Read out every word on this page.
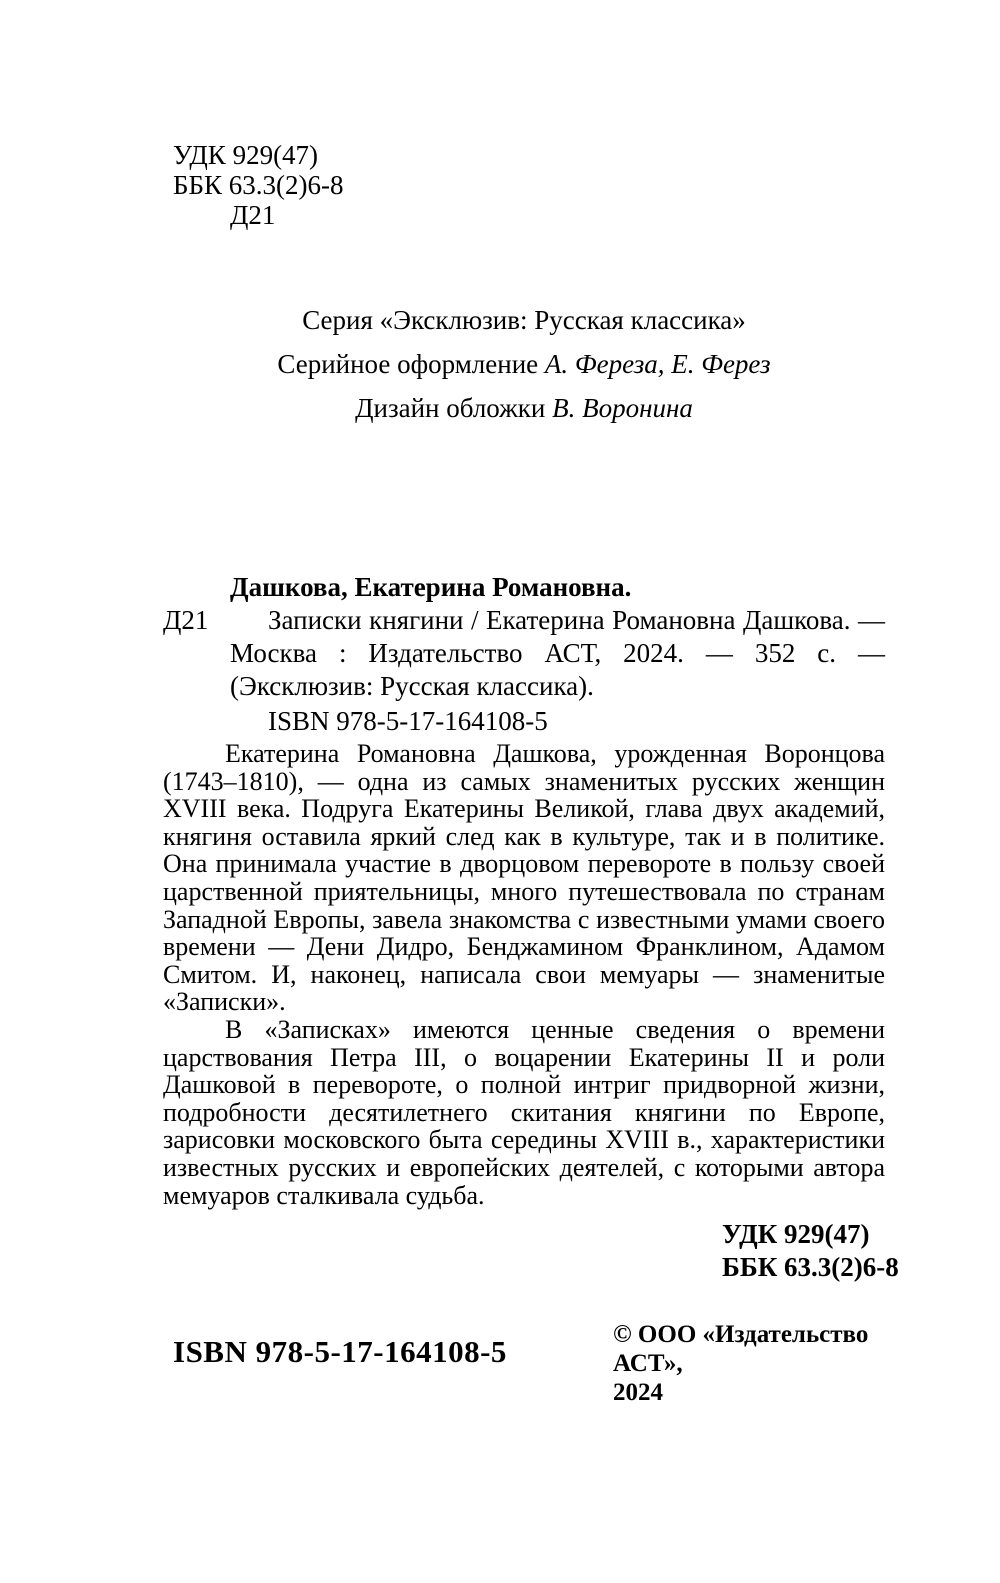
УДК 929(47)
ББК 63.3(2)6-8
Д21
Серия «Эксклюзив: Русская классика»
Серийное оформление А. Фереза, Е. Ферез
Дизайн обложки В. Воронина
Дашкова, Екатерина Романовна.
Д21	Записки княгини / Екатерина Романовна Дашкова. — Москва : Издательство АСТ, 2024. — 352 с. — (Эксклюзив: Русская классика).
ISBN 978-5-17-164108-5

Екатерина Романовна Дашкова, урожденная Воронцова (1743–1810), — одна из самых знаменитых русских женщин XVIII века. Подруга Екатерины Великой, глава двух академий, княгиня оставила яркий след как в культуре, так и в политике. Она принимала участие в дворцовом перевороте в пользу своей царственной приятельницы, много путешествовала по странам Западной Европы, завела знакомства с известными умами своего времени — Дени Дидро, Бенджамином Франклином, Адамом Смитом. И, наконец, написала свои мемуары — знаменитые «Записки».

В «Записках» имеются ценные сведения о времени царствования Петра III, о воцарении Екатерины II и роли Дашковой в перевороте, о полной интриг придворной жизни, подробности десятилетнего скитания княгини по Европе, зарисовки московского быта середины XVIII в., характеристики известных русских и европейских деятелей, с которыми автора мемуаров сталкивала судьба.

УДК 929(47)
ББК 63.3(2)6-8
ISBN 978-5-17-164108-5	© ООО «Издательство АСТ»,
2024
